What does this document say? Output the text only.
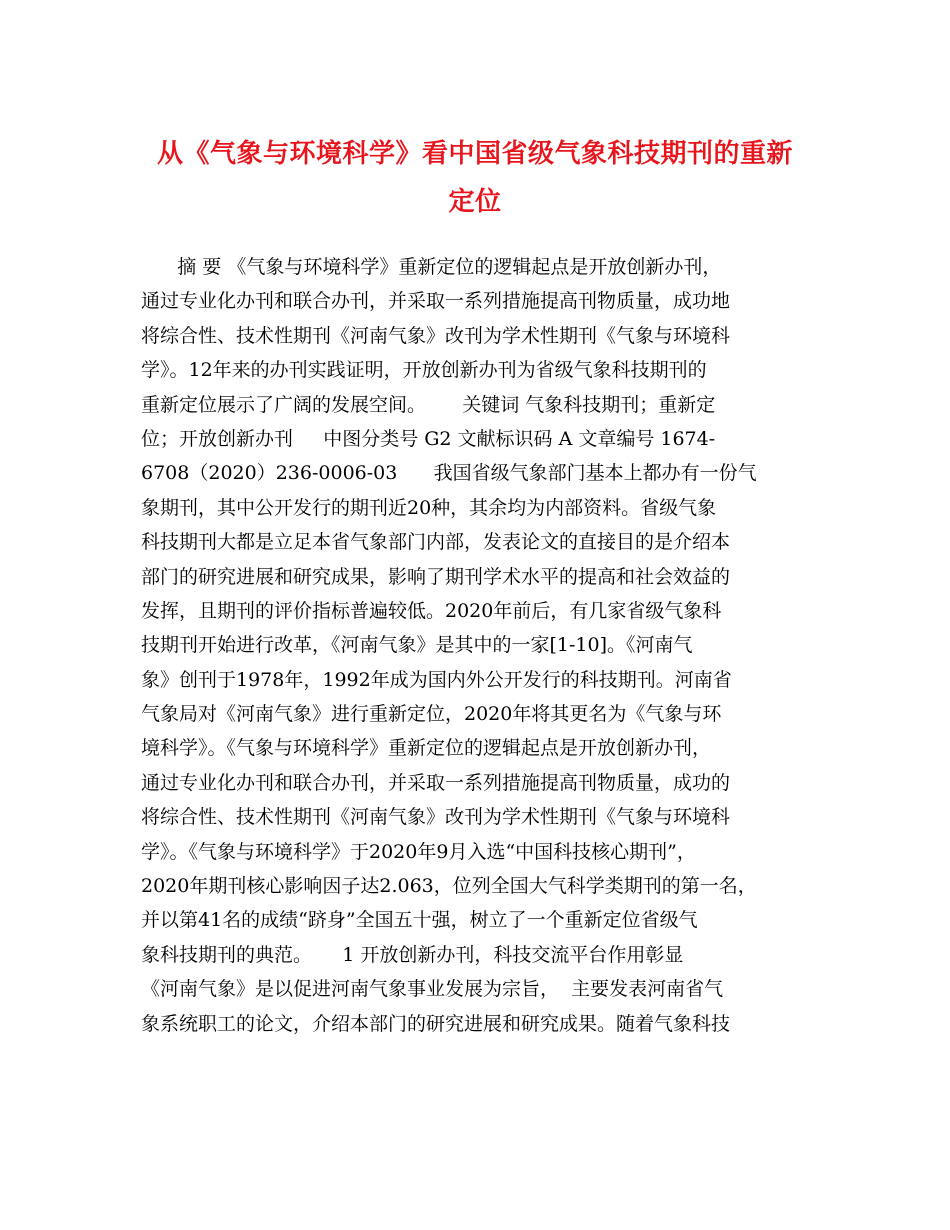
从《气象与环境科学》看中国省级气象科技期刊的重新
定位
摘 要 《气象与环境科学》重新定位的逻辑起点是开放创新办刊，
通过专业化办刊和联合办刊，并采取一系列措施提高刊物质量，成功地
将综合性、技术性期刊《河南气象》改刊为学术性期刊《气象与环境科
学》。12年来的办刊实践证明，开放创新办刊为省级气象科技期刊的
重新定位展示了广阔的发展空间。      关键词 气象科技期刊；重新定
位；开放创新办刊     中图分类号 G2 文献标识码 A 文章编号 1674-
6708（2020）236-0006-03      我国省级气象部门基本上都办有一份气
象期刊，其中公开发行的期刊近20种，其余均为内部资料。省级气象
科技期刊大都是立足本省气象部门内部，发表论文的直接目的是介绍本
部门的研究进展和研究成果，影响了期刊学术水平的提高和社会效益的
发挥，且期刊的评价指标普遍较低。2020年前后，有几家省级气象科
技期刊开始进行改革，《河南气象》是其中的一家[1-10]。《河南气
象》创刊于1978年，1992年成为国内外公开发行的科技期刊。河南省
气象局对《河南气象》进行重新定位，2020年将其更名为《气象与环
境科学》。《气象与环境科学》重新定位的逻辑起点是开放创新办刊，
通过专业化办刊和联合办刊，并采取一系列措施提高刊物质量，成功的
将综合性、技术性期刊《河南气象》改刊为学术性期刊《气象与环境科
学》。《气象与环境科学》于2020年9月入选“中国科技核心期刊”，
2020年期刊核心影响因子达2.063，位列全国大气科学类期刊的第一名，
并以第41名的成绩“跻身”全国五十强，树立了一个重新定位省级气
象科技期刊的典范。     1 开放创新办刊，科技交流平台作用彰显
《河南气象》是以促进河南气象事业发展为宗旨，  主要发表河南省气
象系统职工的论文，介绍本部门的研究进展和研究成果。随着气象科技
